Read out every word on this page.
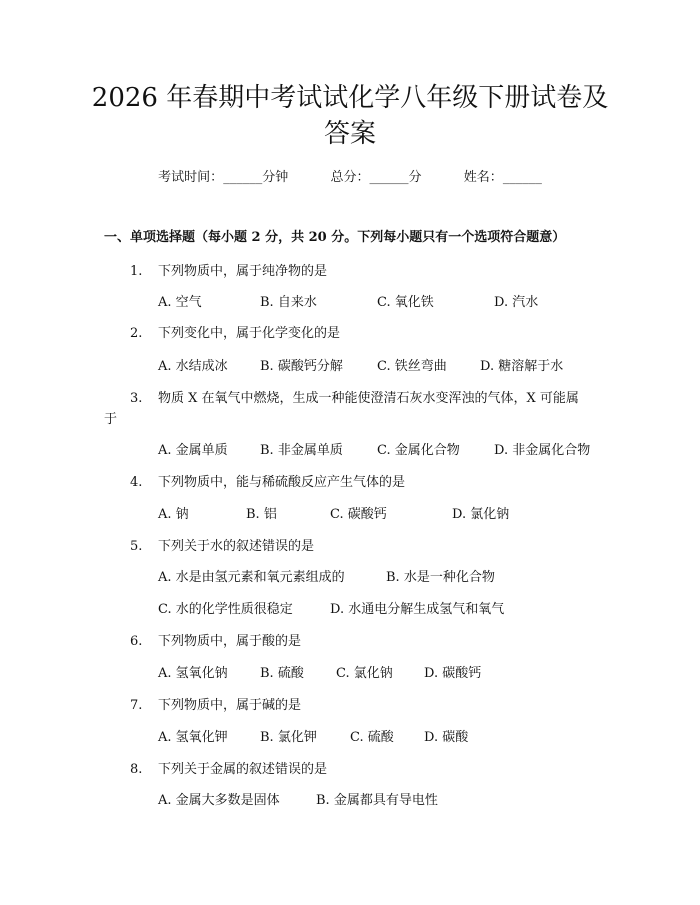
2026 年春期中考试试化学八年级下册试卷及
答案
考试时间：______分钟	总分：______分	姓名：______
一、单项选择题（每小题 2 分，共 20 分。下列每小题只有一个选项符合题意）
1. 下列物质中，属于纯净物的是
A. 空气	B. 自来水	C. 氧化铁	D. 汽水
2. 下列变化中，属于化学变化的是
A. 水结成冰 B. 碳酸钙分解	C. 铁丝弯曲	D. 糖溶解于水
3. 物质 X 在氧气中燃烧，生成一种能使澄清石灰水变浑浊的气体，X 可能属
于
A. 金属单质 B. 非金属单质	C. 金属化合物	D. 非金属化合物
4. 下列物质中，能与稀硫酸反应产生气体的是
A. 钠	B. 铝	C. 碳酸钙	D. 氯化钠
5. 下列关于水的叙述错误的是
A. 水是由氢元素和氧元素组成的	B. 水是一种化合物
C. 水的化学性质很稳定	D. 水通电分解生成氢气和氧气
6. 下列物质中，属于酸的是
A. 氢氧化钠 B. 硫酸 C. 氯化钠 D. 碳酸钙
7. 下列物质中，属于碱的是
A. 氢氧化钾 B. 氯化钾	C. 硫酸 D. 碳酸
8. 下列关于金属的叙述错误的是
A. 金属大多数是固体	B. 金属都具有导电性
